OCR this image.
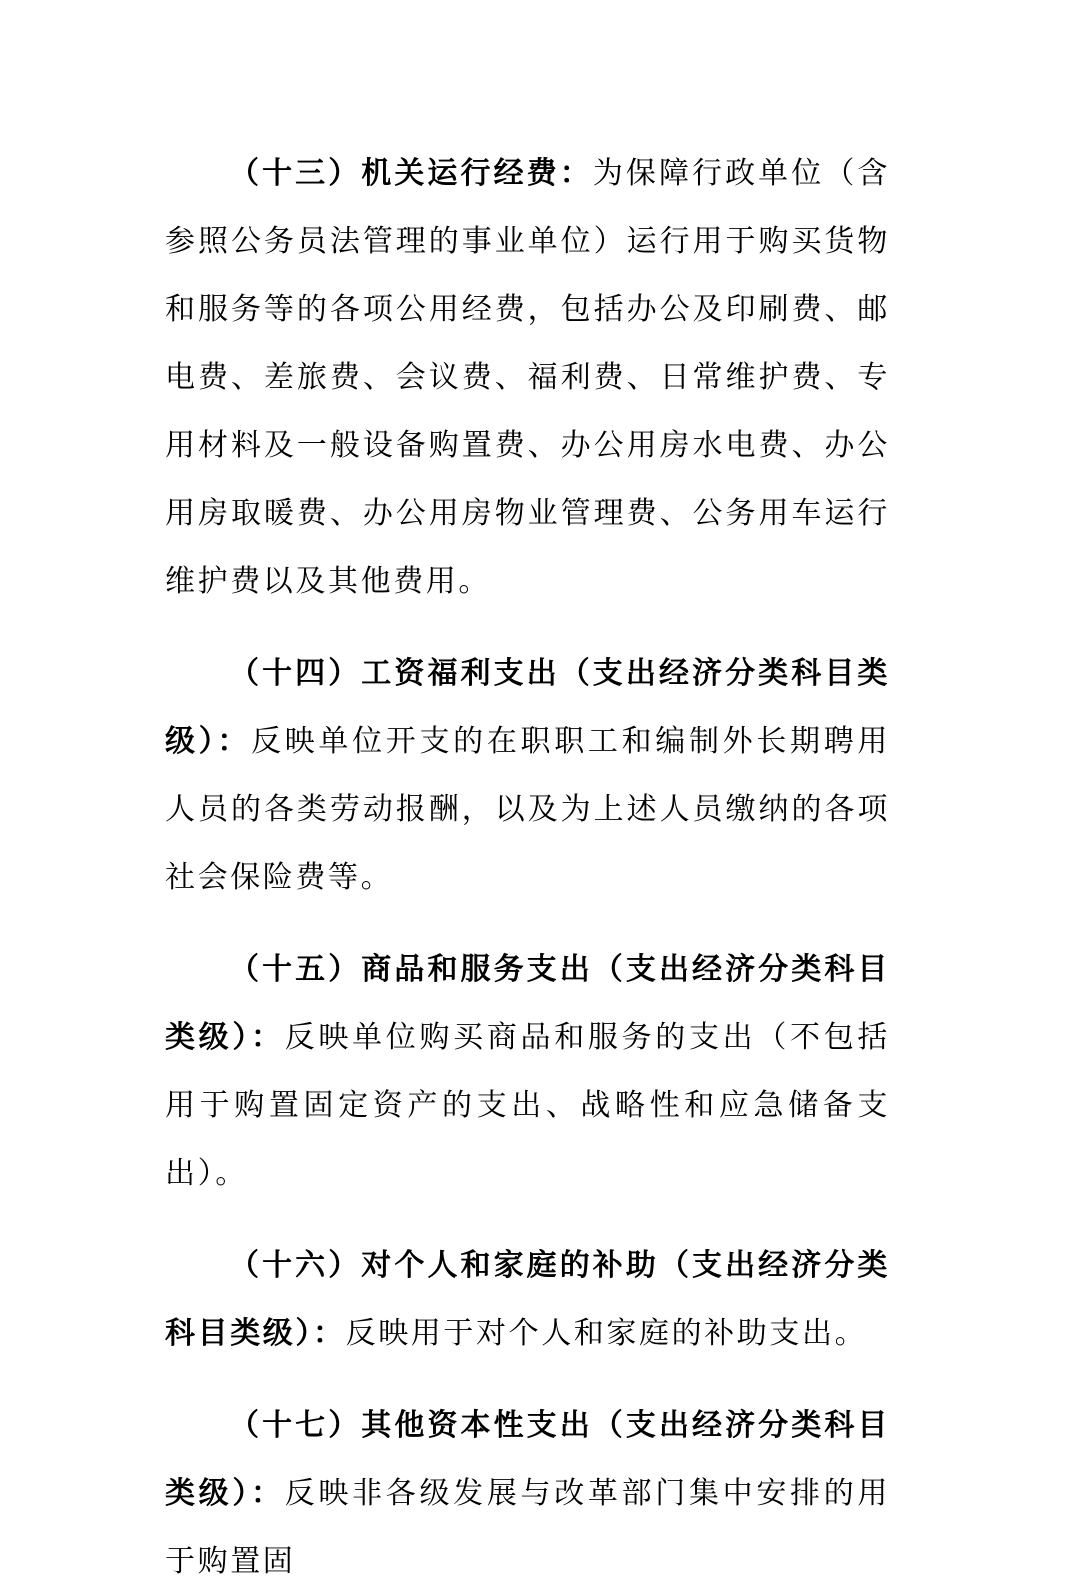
（十三）机关运行经费：为保障行政单位（含参照公务员法管理的事业单位）运行用于购买货物和服务等的各项公用经费，包括办公及印刷费、邮电费、差旅费、会议费、福利费、日常维护费、专用材料及一般设备购置费、办公用房水电费、办公用房取暖费、办公用房物业管理费、公务用车运行维护费以及其他费用。

（十四）工资福利支出（支出经济分类科目类级）：反映单位开支的在职职工和编制外长期聘用人员的各类劳动报酬，以及为上述人员缴纳的各项社会保险费等。

（十五）商品和服务支出（支出经济分类科目类级）：反映单位购买商品和服务的支出（不包括用于购置固定资产的支出、战略性和应急储备支出）。

（十六）对个人和家庭的补助（支出经济分类科目类级）：反映用于对个人和家庭的补助支出。

（十七）其他资本性支出（支出经济分类科目类级）：反映非各级发展与改革部门集中安排的用于购置固
